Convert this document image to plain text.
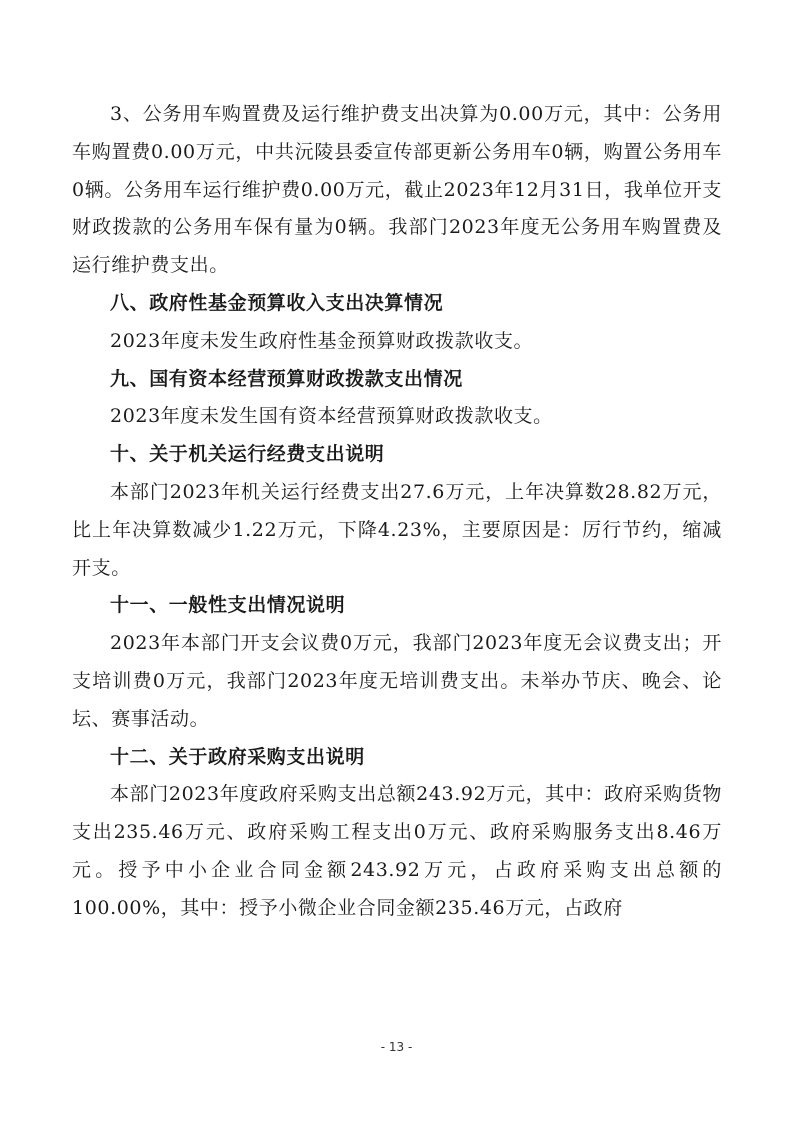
3、公务用车购置费及运行维护费支出决算为0.00万元，其中：公务用车购置费0.00万元，中共沅陵县委宣传部更新公务用车0辆，购置公务用车0辆。公务用车运行维护费0.00万元，截止2023年12月31日，我单位开支财政拨款的公务用车保有量为0辆。我部门2023年度无公务用车购置费及运行维护费支出。

八、政府性基金预算收入支出决算情况

2023年度未发生政府性基金预算财政拨款收支。

九、国有资本经营预算财政拨款支出情况

2023年度未发生国有资本经营预算财政拨款收支。

十、关于机关运行经费支出说明

本部门2023年机关运行经费支出27.6万元，上年决算数28.82万元，比上年决算数减少1.22万元，下降4.23%，主要原因是：厉行节约，缩减开支。

十一、一般性支出情况说明

2023年本部门开支会议费0万元，我部门2023年度无会议费支出；开支培训费0万元，我部门2023年度无培训费支出。未举办节庆、晚会、论坛、赛事活动。

十二、关于政府采购支出说明

本部门2023年度政府采购支出总额243.92万元，其中：政府采购货物支出235.46万元、政府采购工程支出0万元、政府采购服务支出8.46万元。授予中小企业合同金额243.92万元，占政府采购支出总额的100.00%，其中：授予小微企业合同金额235.46万元，占政府

- 13 -
